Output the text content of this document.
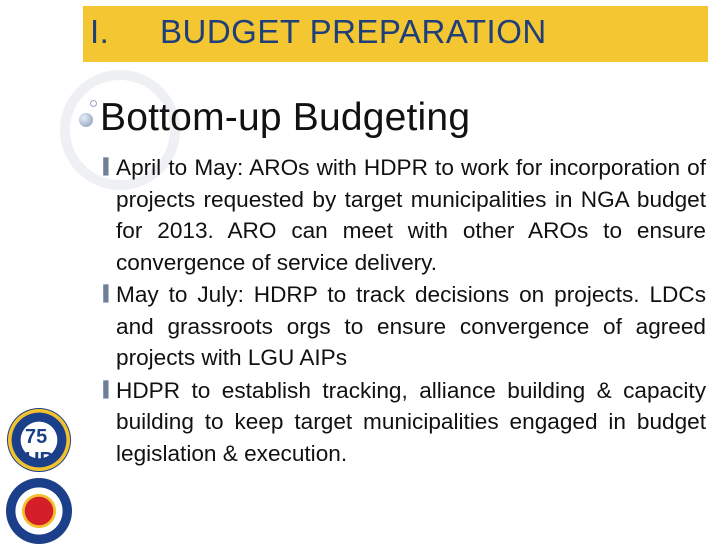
I. BUDGET PREPARATION
Bottom-up Budgeting
▐ April to May: AROs with HDPR to work for incorporation of projects requested by target municipalities in NGA budget for 2013. ARO can meet with other AROs to ensure convergence of service delivery.
▐ May to July: HDRP to track decisions on projects. LDCs and grassroots orgs to ensure convergence of agreed projects with LGU AIPs
▐ HDPR to establish tracking, alliance building & capacity building to keep target municipalities engaged in budget legislation & execution.
75 UP
